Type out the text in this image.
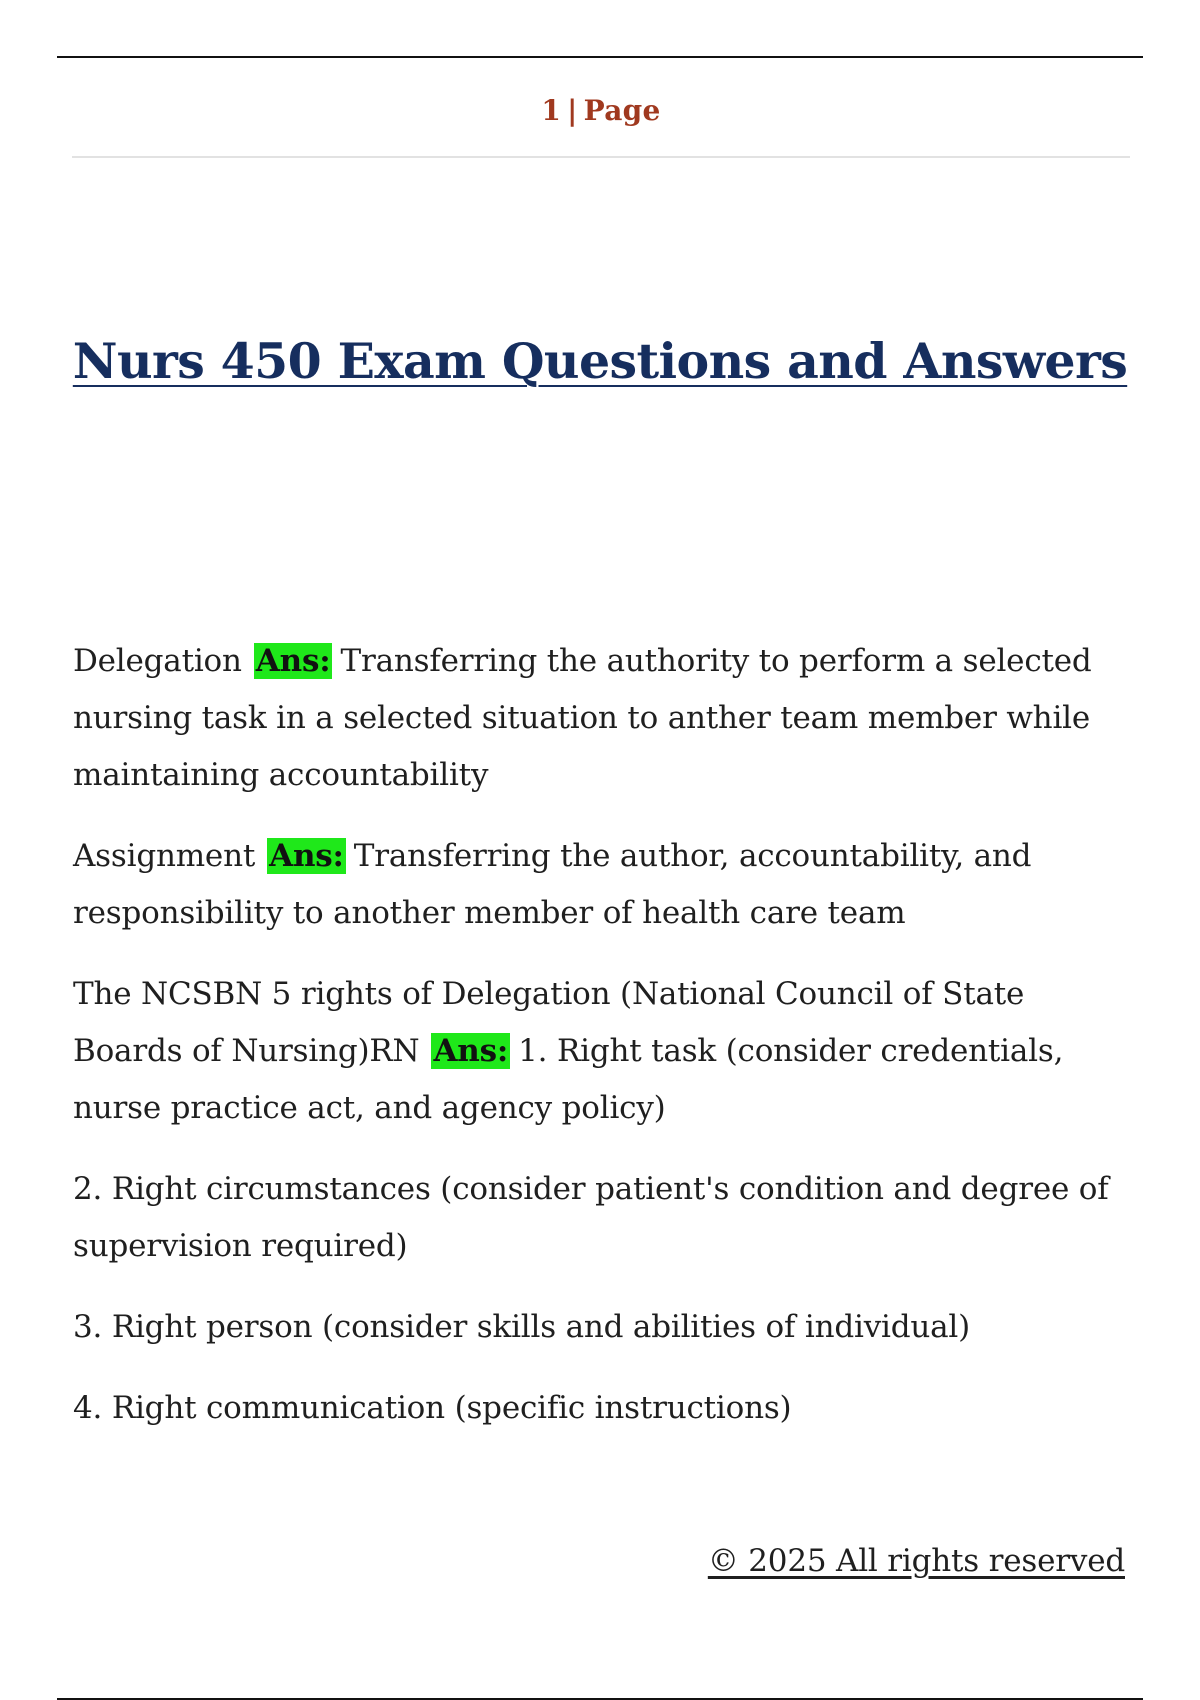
1 | Page
Nurs 450 Exam Questions and Answers

Delegation Ans: Transferring the authority to perform a selected nursing task in a selected situation to anther team member while maintaining accountability

Assignment Ans: Transferring the author, accountability, and responsibility to another member of health care team

The NCSBN 5 rights of Delegation (National Council of State Boards of Nursing)RN Ans: 1. Right task (consider credentials, nurse practice act, and agency policy)

2. Right circumstances (consider patient's condition and degree of supervision required)

3. Right person (consider skills and abilities of individual)

4. Right communication (specific instructions)

© 2025 All rights reserved
